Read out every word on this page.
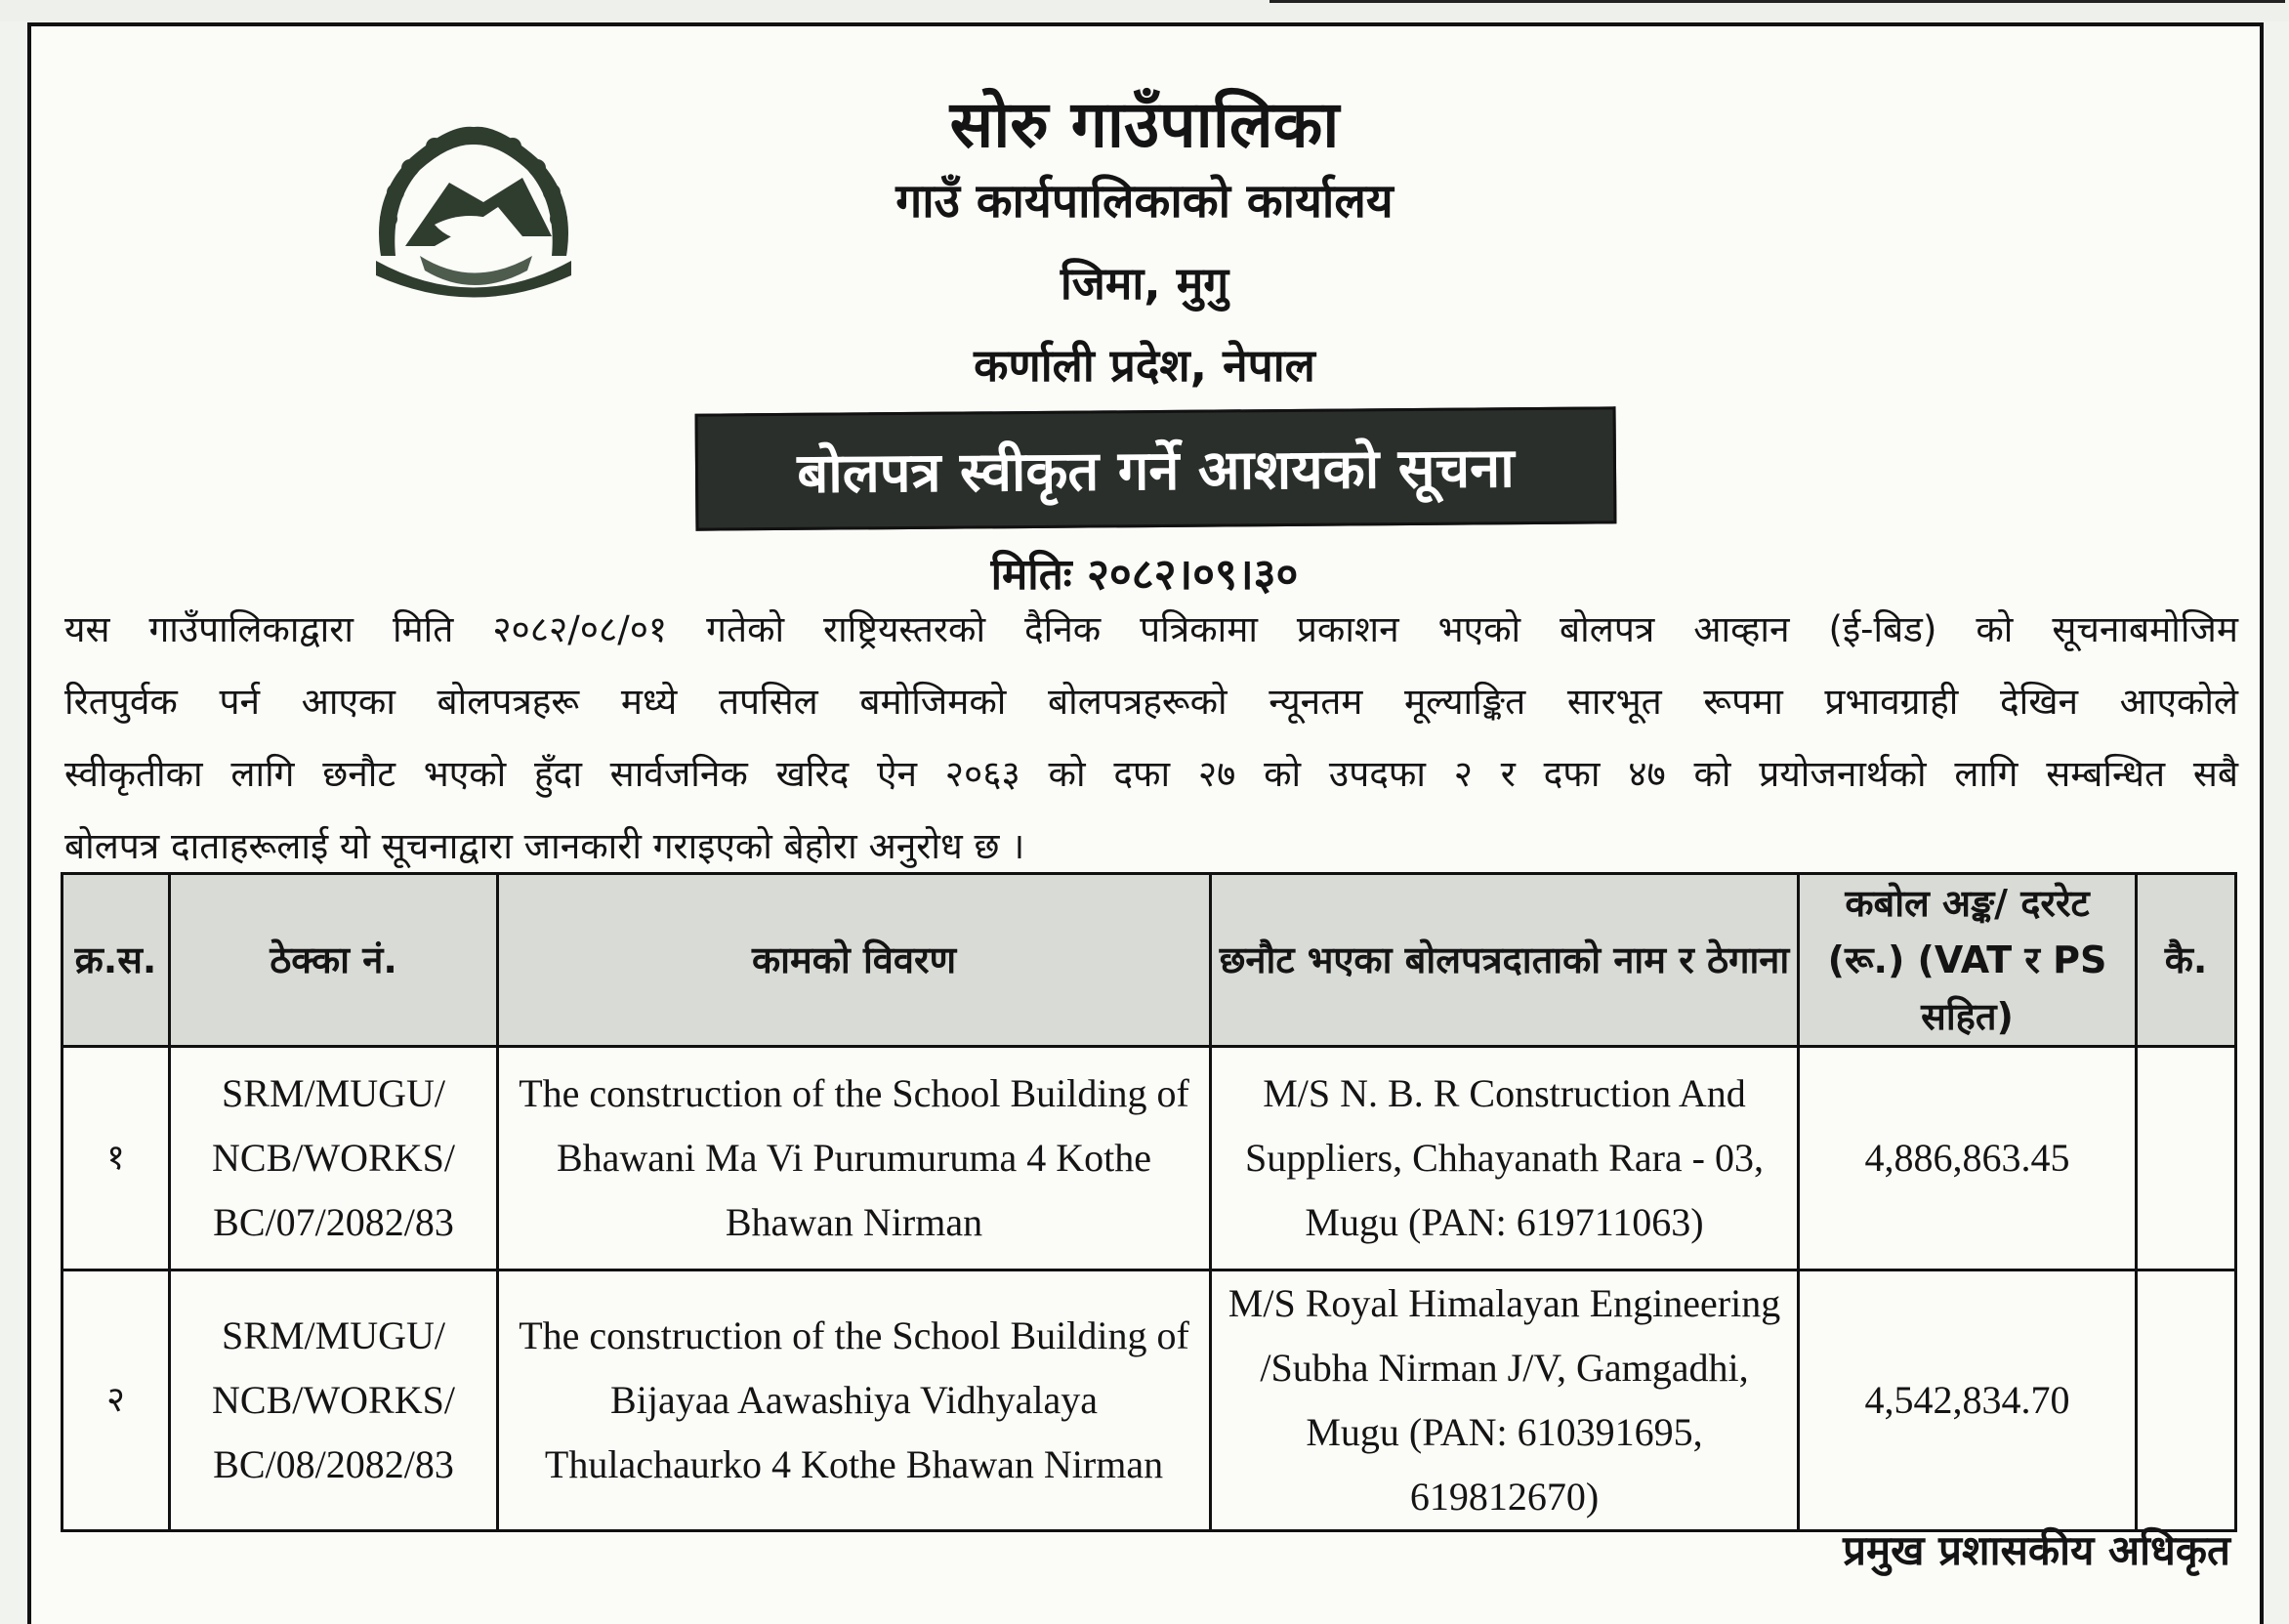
सोरु गाउँपालिका
गाउँ कार्यपालिकाको कार्यालय
जिमा, मुगु
कर्णाली प्रदेश, नेपाल
बोलपत्र स्वीकृत गर्ने आशयको सूचना
मितिः २०८२।०९।३०
यस गाउँपालिकाद्वारा मिति २०८२/०८/०१ गतेको राष्ट्रियस्तरको दैनिक पत्रिकामा प्रकाशन भएको बोलपत्र आव्हान (ई-बिड) को सूचनाबमोजिम
रितपुर्वक पर्न आएका बोलपत्रहरू मध्ये तपसिल बमोजिमको बोलपत्रहरूको न्यूनतम मूल्याङ्कित सारभूत रूपमा प्रभावग्राही देखिन आएकोले
स्वीकृतीका लागि छनौट भएको हुँदा सार्वजनिक खरिद ऐन २०६३ को दफा २७ को उपदफा २ र दफा ४७ को प्रयोजनार्थको लागि सम्बन्धित सबै
बोलपत्र दाताहरूलाई यो सूचनाद्वारा जानकारी गराइएको बेहोरा अनुरोध छ ।
क्र.स.	ठेक्का नं.	कामको विवरण	छनौट भएका बोलपत्रदाताको नाम र ठेगाना	कबोल अङ्क/ दररेट (रू.) (VAT र PS सहित)	कै.
१	SRM/MUGU/ NCB/WORKS/ BC/07/2082/83	The construction of the School Building of Bhawani Ma Vi Purumuruma 4 Kothe Bhawan Nirman	M/S N. B. R Construction And Suppliers, Chhayanath Rara - 03, Mugu (PAN: 619711063)	4,886,863.45	
२	SRM/MUGU/ NCB/WORKS/ BC/08/2082/83	The construction of the School Building of Bijayaa Aawashiya Vidhyalaya Thulachaurko 4 Kothe Bhawan Nirman	M/S Royal Himalayan Engineering /Subha Nirman J/V, Gamgadhi, Mugu (PAN: 610391695, 619812670)	4,542,834.70	
प्रमुख प्रशासकीय अधिकृत
